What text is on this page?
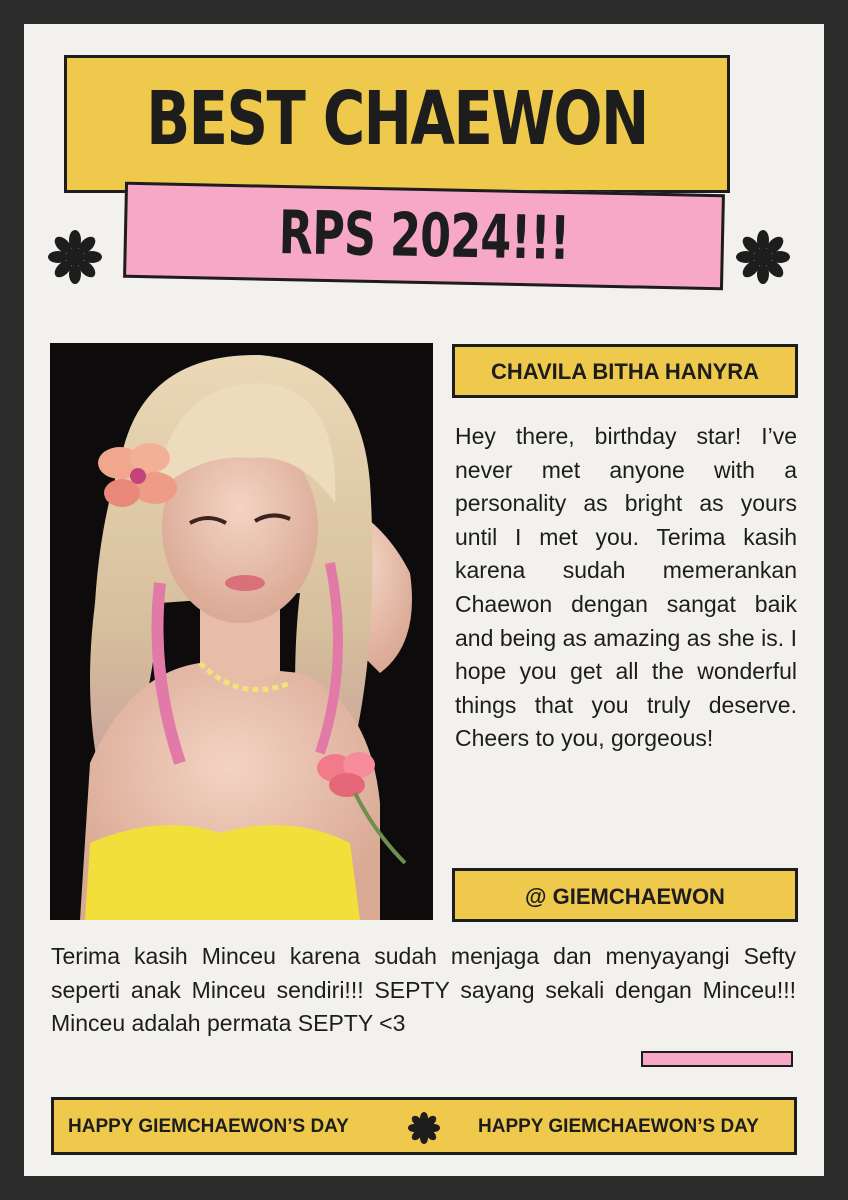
BEST CHAEWON
RPS 2024!!!
CHAVILA BITHA HANYRA
Hey there, birthday star! I’ve never met anyone with a personality as bright as yours until I met you. Terima kasih karena sudah memerankan Chaewon dengan sangat baik and being as amazing as she is. I hope you get all the wonderful things that you truly deserve. Cheers to you, gorgeous!
@ GIEMCHAEWON
Terima kasih Minceu karena sudah menjaga dan menyayangi Sefty seperti anak Minceu sendiri!!! SEPTY sayang sekali dengan Minceu!!! Minceu adalah permata SEPTY <3
HAPPY GIEMCHAEWON’S DAY	HAPPY GIEMCHAEWON’S DAY
